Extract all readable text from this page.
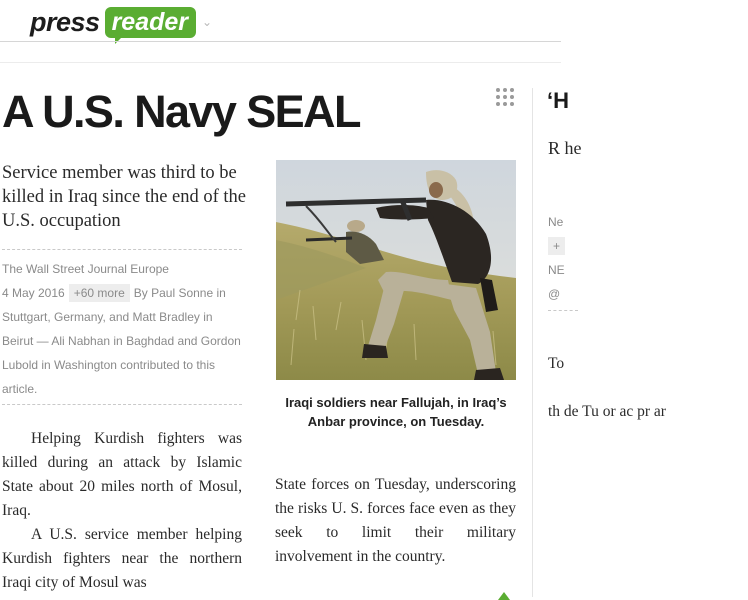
press reader	⌄
A U.S. Navy SEAL
Service member was third to be killed in Iraq since the end of the U.S. occupation
The Wall Street Journal Europe
4 May 2016 +60 more By Paul Sonne in Stuttgart, Germany, and Matt Bradley in Beirut — Ali Nabhan in Baghdad and Gordon Lubold in Washington contributed to this article.

Helping Kurdish fighters was killed during an attack by Islamic State about 20 miles north of Mosul, Iraq.

A U.S. service member helping Kurdish fighters near the northern Iraqi city of Mosul was

Iraqi soldiers near Fallujah, in Iraq’s Anbar province, on Tuesday.
State forces on Tuesday, underscoring the risks U. S. forces face even as they seek to limit their military involvement in the country.
‘H
R he
Ne
+
NE
@
To
th de Tu or ac pr ar
